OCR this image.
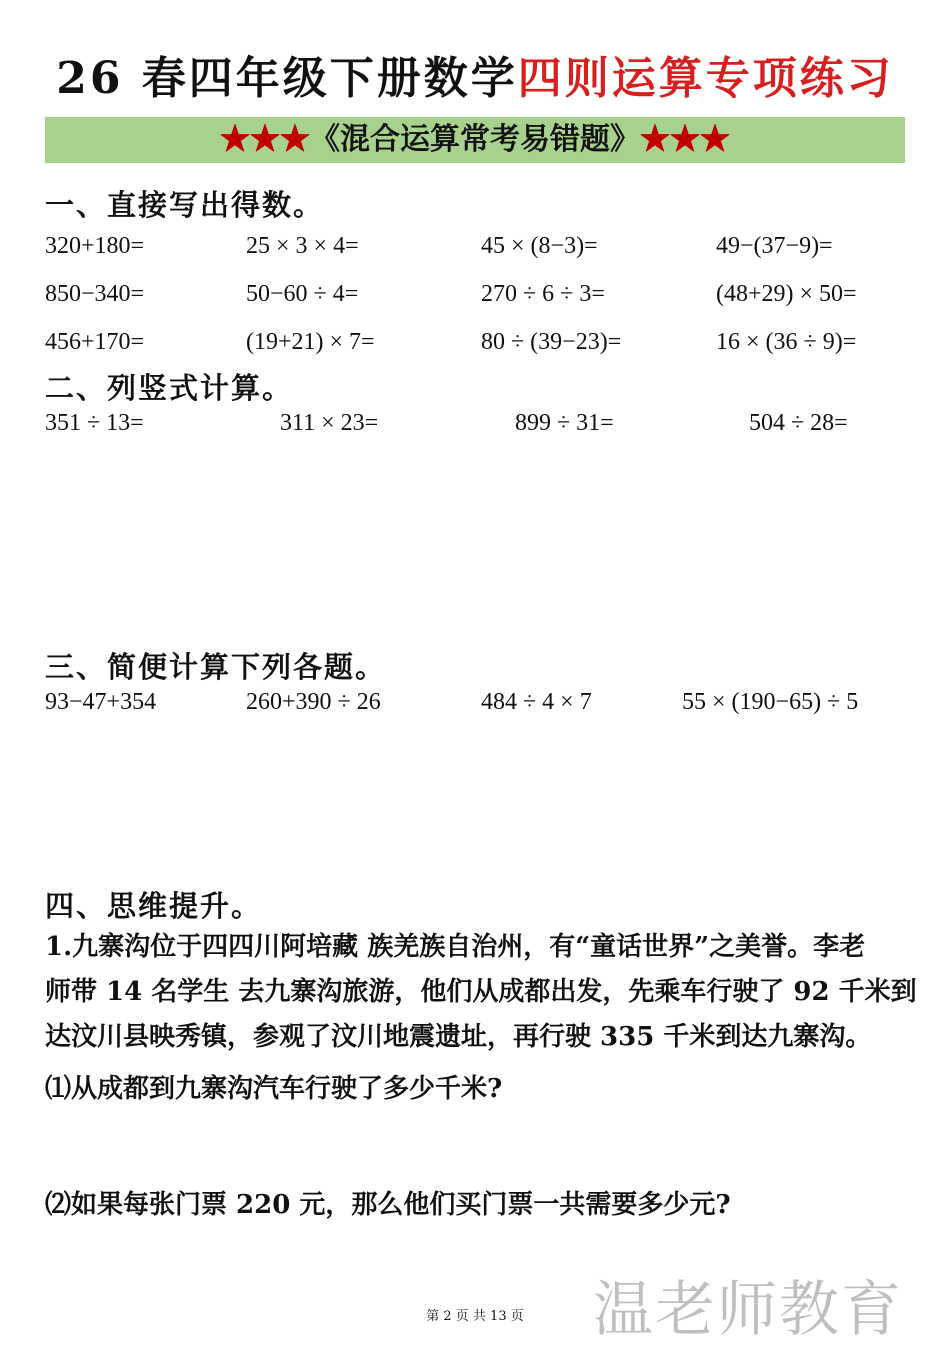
26 春四年级下册数学四则运算专项练习
★★★《混合运算常考易错题》★★★
一、直接写出得数。
320+180=	25 × 3 × 4=	45 × (8−3)=	49−(37−9)=
850−340=	50−60 ÷ 4=	270 ÷ 6 ÷ 3=	(48+29) × 50=
456+170=	(19+21) × 7=	80 ÷ (39−23)=	16 × (36 ÷ 9)=
二、列竖式计算。
351 ÷ 13=	311 × 23=	899 ÷ 31=	504 ÷ 28=
三、简便计算下列各题。
93−47+354	260+390 ÷ 26	484 ÷ 4 × 7	55 × (190−65) ÷ 5
四、思维提升。
1.九寨沟位于四四川阿培藏 族羌族自治州，有“童话世界”之美誉。李老
师带 14 名学生 去九寨沟旅游，他们从成都出发，先乘车行驶了 92 千米到
达汶川县映秀镇，参观了汶川地震遗址，再行驶 335 千米到达九寨沟。
⑴从成都到九寨沟汽车行驶了多少千米?
⑵如果每张门票 220 元，那么他们买门票一共需要多少元?
第 2 页 共 13 页	温老师教育
